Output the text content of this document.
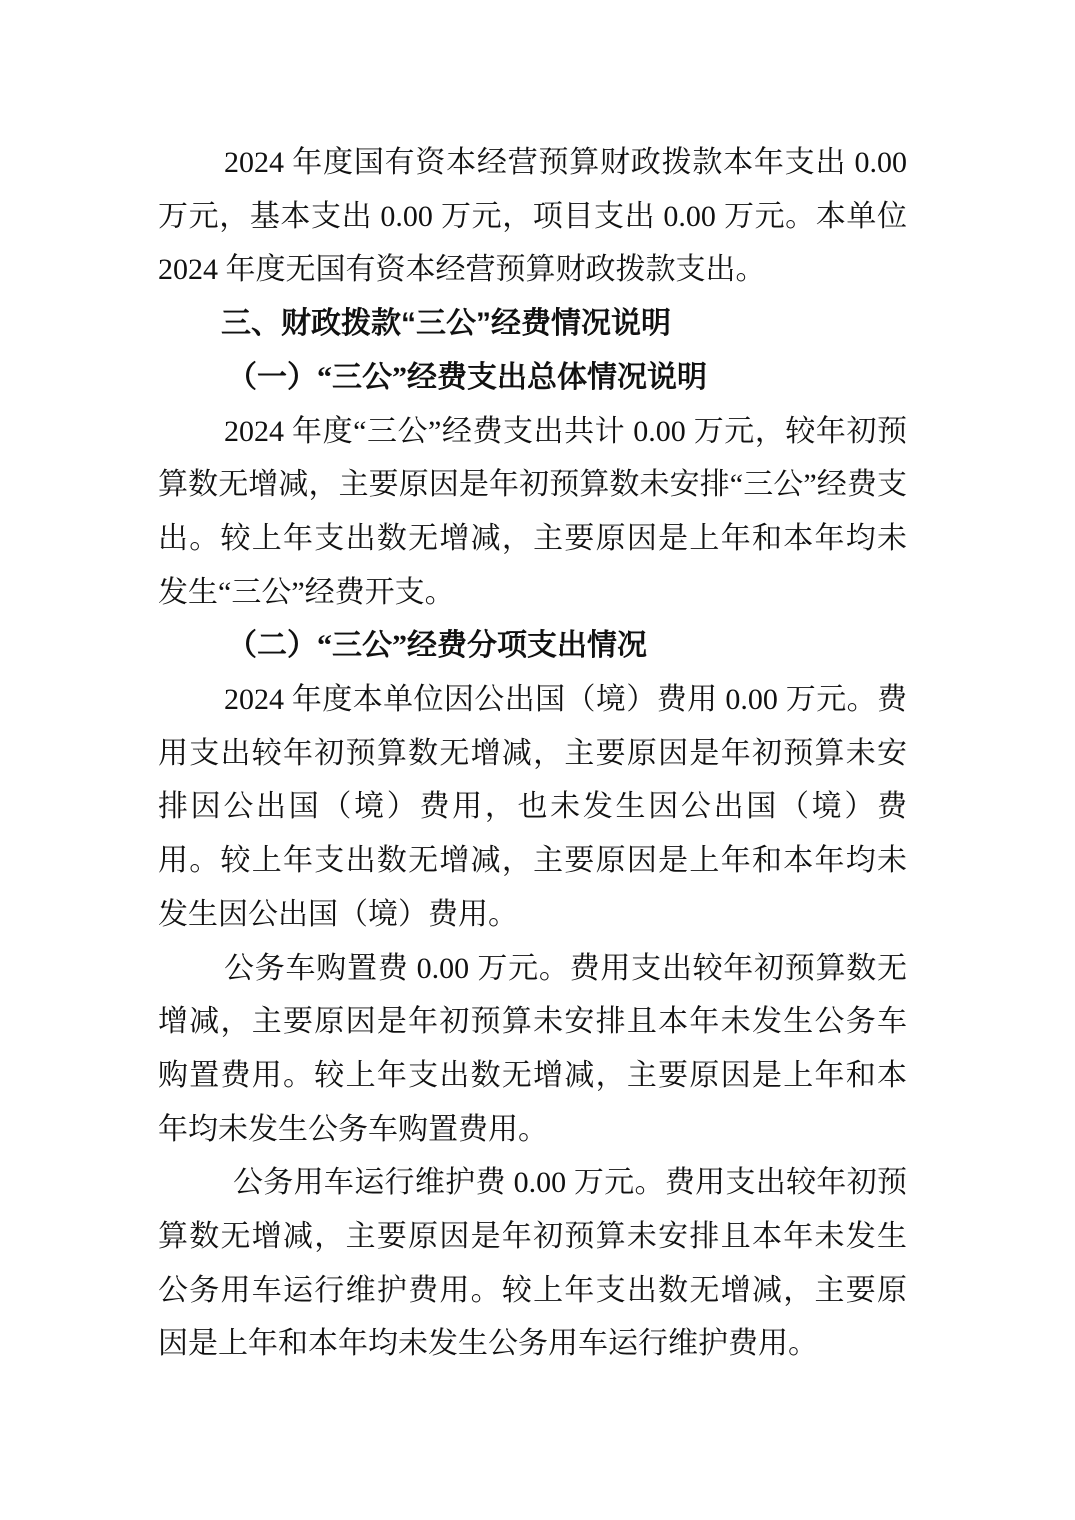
2024 年度国有资本经营预算财政拨款本年支出 0.00 万元，基本支出 0.00 万元，项目支出 0.00 万元。本单位 2024 年度无国有资本经营预算财政拨款支出。

三、财政拨款“三公”经费情况说明

（一）“三公”经费支出总体情况说明

2024 年度“三公”经费支出共计 0.00 万元，较年初预算数无增减，主要原因是年初预算数未安排“三公”经费支出。较上年支出数无增减，主要原因是上年和本年均未发生“三公”经费开支。

（二）“三公”经费分项支出情况

2024 年度本单位因公出国（境）费用 0.00 万元。费用支出较年初预算数无增减，主要原因是年初预算未安排因公出国（境）费用，也未发生因公出国（境）费用。较上年支出数无增减，主要原因是上年和本年均未发生因公出国（境）费用。

公务车购置费 0.00 万元。费用支出较年初预算数无增减，主要原因是年初预算未安排且本年未发生公务车购置费用。较上年支出数无增减，主要原因是上年和本年均未发生公务车购置费用。

公务用车运行维护费 0.00 万元。费用支出较年初预算数无增减，主要原因是年初预算未安排且本年未发生公务用车运行维护费用。较上年支出数无增减，主要原因是上年和本年均未发生公务用车运行维护费用。
